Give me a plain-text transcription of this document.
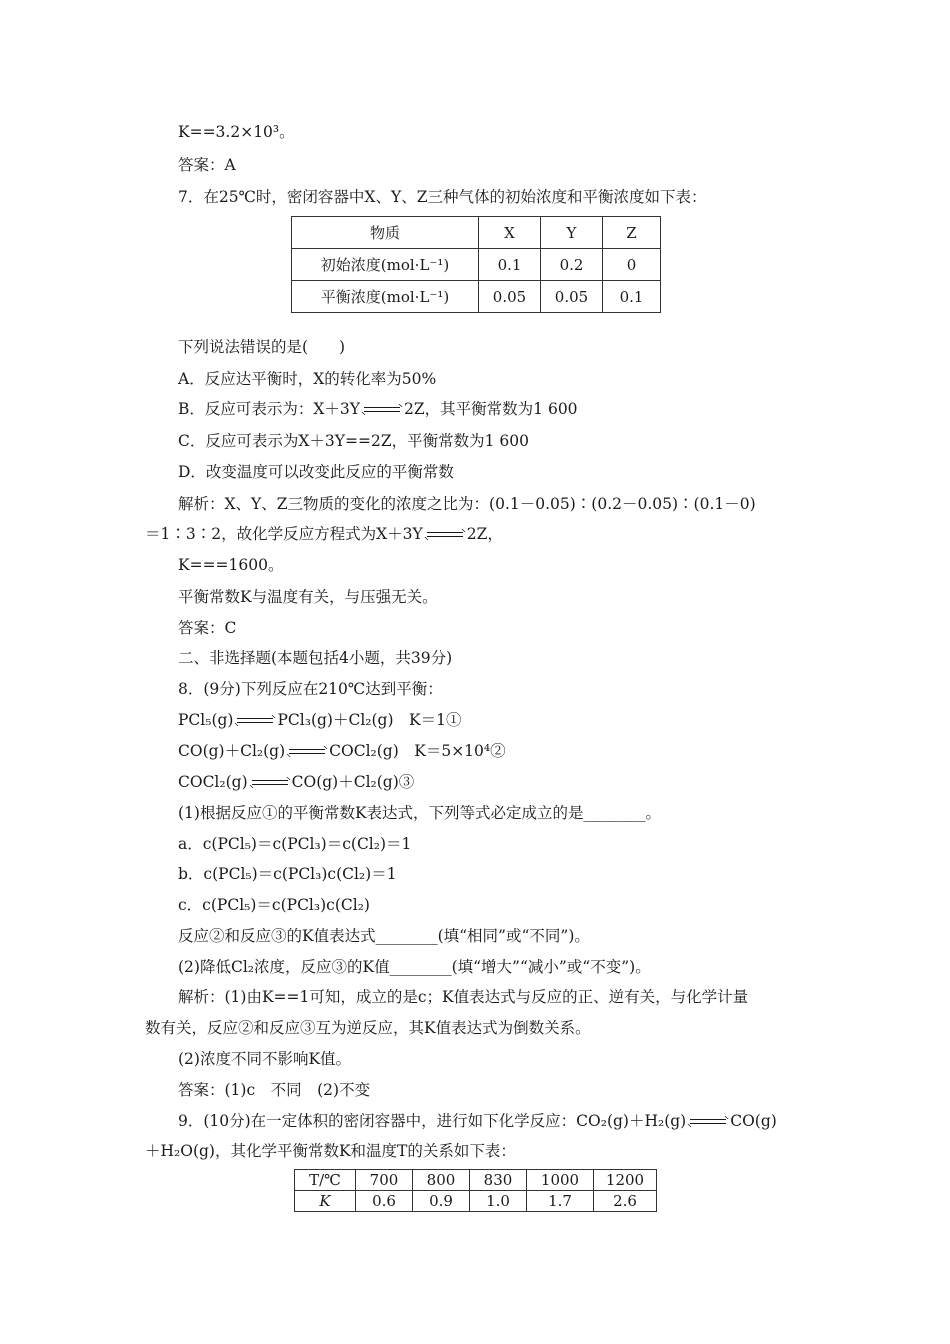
K==3.2×10³。
答案：A
7．在25℃时，密闭容器中X、Y、Z三种气体的初始浓度和平衡浓度如下表：
物质	X	Y	Z
初始浓度(mol·L⁻¹)	0.1	0.2	0
平衡浓度(mol·L⁻¹)	0.05	0.05	0.1
下列说法错误的是(　　)
A．反应达平衡时，X的转化率为50%
B．反应可表示为：X＋3Y	2Z，其平衡常数为1 600
C．反应可表示为X＋3Y==2Z，平衡常数为1 600
D．改变温度可以改变此反应的平衡常数
解析：X、Y、Z三物质的变化的浓度之比为：(0.1－0.05)∶(0.2－0.05)∶(0.1－0)
＝1∶3∶2，故化学反应方程式为X＋3Y	2Z，
K===1600。
平衡常数K与温度有关，与压强无关。
答案：C
二、非选择题(本题包括4小题，共39分)
8．(9分)下列反应在210℃达到平衡：
PCl₅(g)	PCl₃(g)＋Cl₂(g)　K＝1①
CO(g)＋Cl₂(g)	COCl₂(g)　K＝5×10⁴②
COCl₂(g)	CO(g)＋Cl₂(g)③
(1)根据反应①的平衡常数K表达式，下列等式必定成立的是________。
a．c(PCl₅)＝c(PCl₃)＝c(Cl₂)＝1
b．c(PCl₅)＝c(PCl₃)c(Cl₂)＝1
c．c(PCl₅)＝c(PCl₃)c(Cl₂)
反应②和反应③的K值表达式________(填“相同”或“不同”)。
(2)降低Cl₂浓度，反应③的K值________(填“增大”“减小”或“不变”)。
解析：(1)由K==1可知，成立的是c；K值表达式与反应的正、逆有关，与化学计量
数有关，反应②和反应③互为逆反应，其K值表达式为倒数关系。
(2)浓度不同不影响K值。
答案：(1)c　不同　(2)不变
9．(10分)在一定体积的密闭容器中，进行如下化学反应：CO₂(g)＋H₂(g)	CO(g)
＋H₂O(g)，其化学平衡常数K和温度T的关系如下表：
T/℃	700	800	830	1000	1200
K	0.6	0.9	1.0	1.7	2.6
